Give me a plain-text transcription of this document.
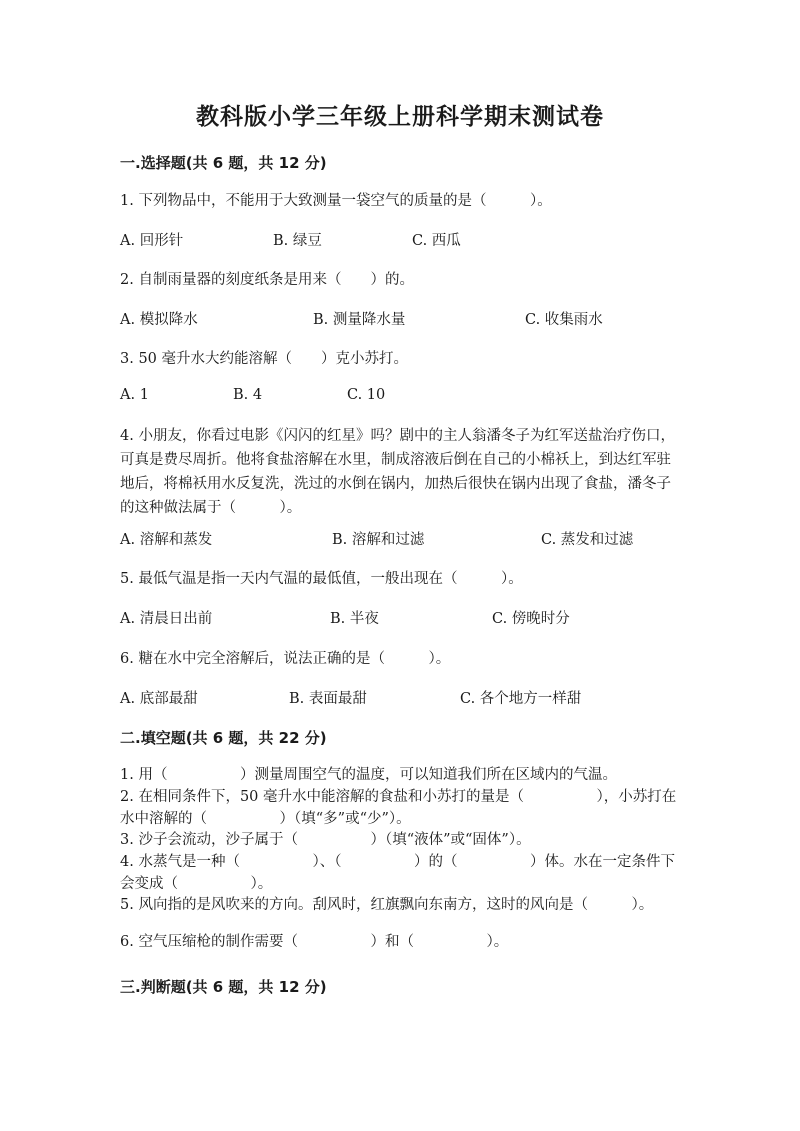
教科版小学三年级上册科学期末测试卷
一.选择题(共 6 题，共 12 分)
1. 下列物品中，不能用于大致测量一袋空气的质量的是（　　　）。
A. 回形针	B. 绿豆	C. 西瓜
2. 自制雨量器的刻度纸条是用来（　　）的。
A. 模拟降水	B. 测量降水量	C. 收集雨水
3. 50 毫升水大约能溶解（　　）克小苏打。
A. 1	B. 4	C. 10
4. 小朋友，你看过电影《闪闪的红星》吗？剧中的主人翁潘冬子为红军送盐治疗伤口，可真是费尽周折。他将食盐溶解在水里，制成溶液后倒在自己的小棉袄上，到达红军驻地后，将棉袄用水反复洗，洗过的水倒在锅内，加热后很快在锅内出现了食盐，潘冬子的这种做法属于（　　　）。
A. 溶解和蒸发	B. 溶解和过滤	C. 蒸发和过滤
5. 最低气温是指一天内气温的最低值，一般出现在（　　　）。
A. 清晨日出前	B. 半夜	C. 傍晚时分
6. 糖在水中完全溶解后，说法正确的是（　　　）。
A. 底部最甜	B. 表面最甜	C. 各个地方一样甜
二.填空题(共 6 题，共 22 分)
1. 用（　　　　　）测量周围空气的温度，可以知道我们所在区域内的气温。
2. 在相同条件下，50 毫升水中能溶解的食盐和小苏打的量是（　　　　　），小苏打在水中溶解的（　　　　　）（填“多”或“少”）。
3. 沙子会流动，沙子属于（　　　　　）（填“液体”或“固体”）。
4. 水蒸气是一种（　　　　　）、（　　　　　）的（　　　　　）体。水在一定条件下会变成（　　　　　）。
5. 风向指的是风吹来的方向。刮风时，红旗飘向东南方，这时的风向是（　　　）。
6. 空气压缩枪的制作需要（　　　　　）和（　　　　　）。
三.判断题(共 6 题，共 12 分)
